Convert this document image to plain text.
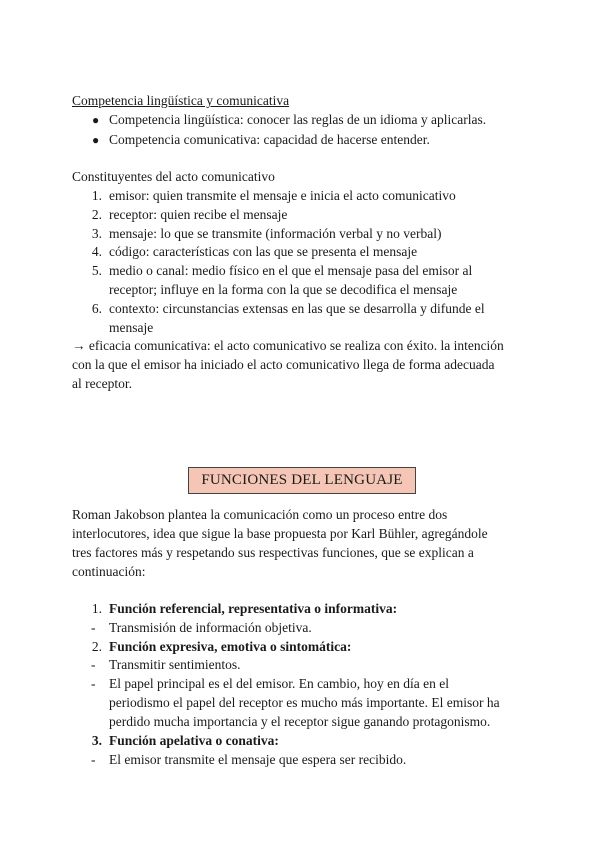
Competencia lingüística y comunicativa
● Competencia lingüística: conocer las reglas de un idioma y aplicarlas.
● Competencia comunicativa: capacidad de hacerse entender.
Constituyentes del acto comunicativo
1. emisor: quien transmite el mensaje e inicia el acto comunicativo
2. receptor: quien recibe el mensaje
3. mensaje: lo que se transmite (información verbal y no verbal)
4. código: características con las que se presenta el mensaje
5. medio o canal: medio físico en el que el mensaje pasa del emisor al
receptor; influye en la forma con la que se decodifica el mensaje
6. contexto: circunstancias extensas en las que se desarrolla y difunde el
mensaje
→ eficacia comunicativa: el acto comunicativo se realiza con éxito. la intención
con la que el emisor ha iniciado el acto comunicativo llega de forma adecuada
al receptor.
FUNCIONES DEL LENGUAJE
Roman Jakobson plantea la comunicación como un proceso entre dos
interlocutores, idea que sigue la base propuesta por Karl Bühler, agregándole
tres factores más y respetando sus respectivas funciones, que se explican a
continuación:
1. Función referencial, representativa o informativa:
- Transmisión de información objetiva.
2. Función expresiva, emotiva o sintomática:
- Transmitir sentimientos.
- El papel principal es el del emisor. En cambio, hoy en día en el
periodismo el papel del receptor es mucho más importante. El emisor ha
perdido mucha importancia y el receptor sigue ganando protagonismo.
3. Función apelativa o conativa:
- El emisor transmite el mensaje que espera ser recibido.
